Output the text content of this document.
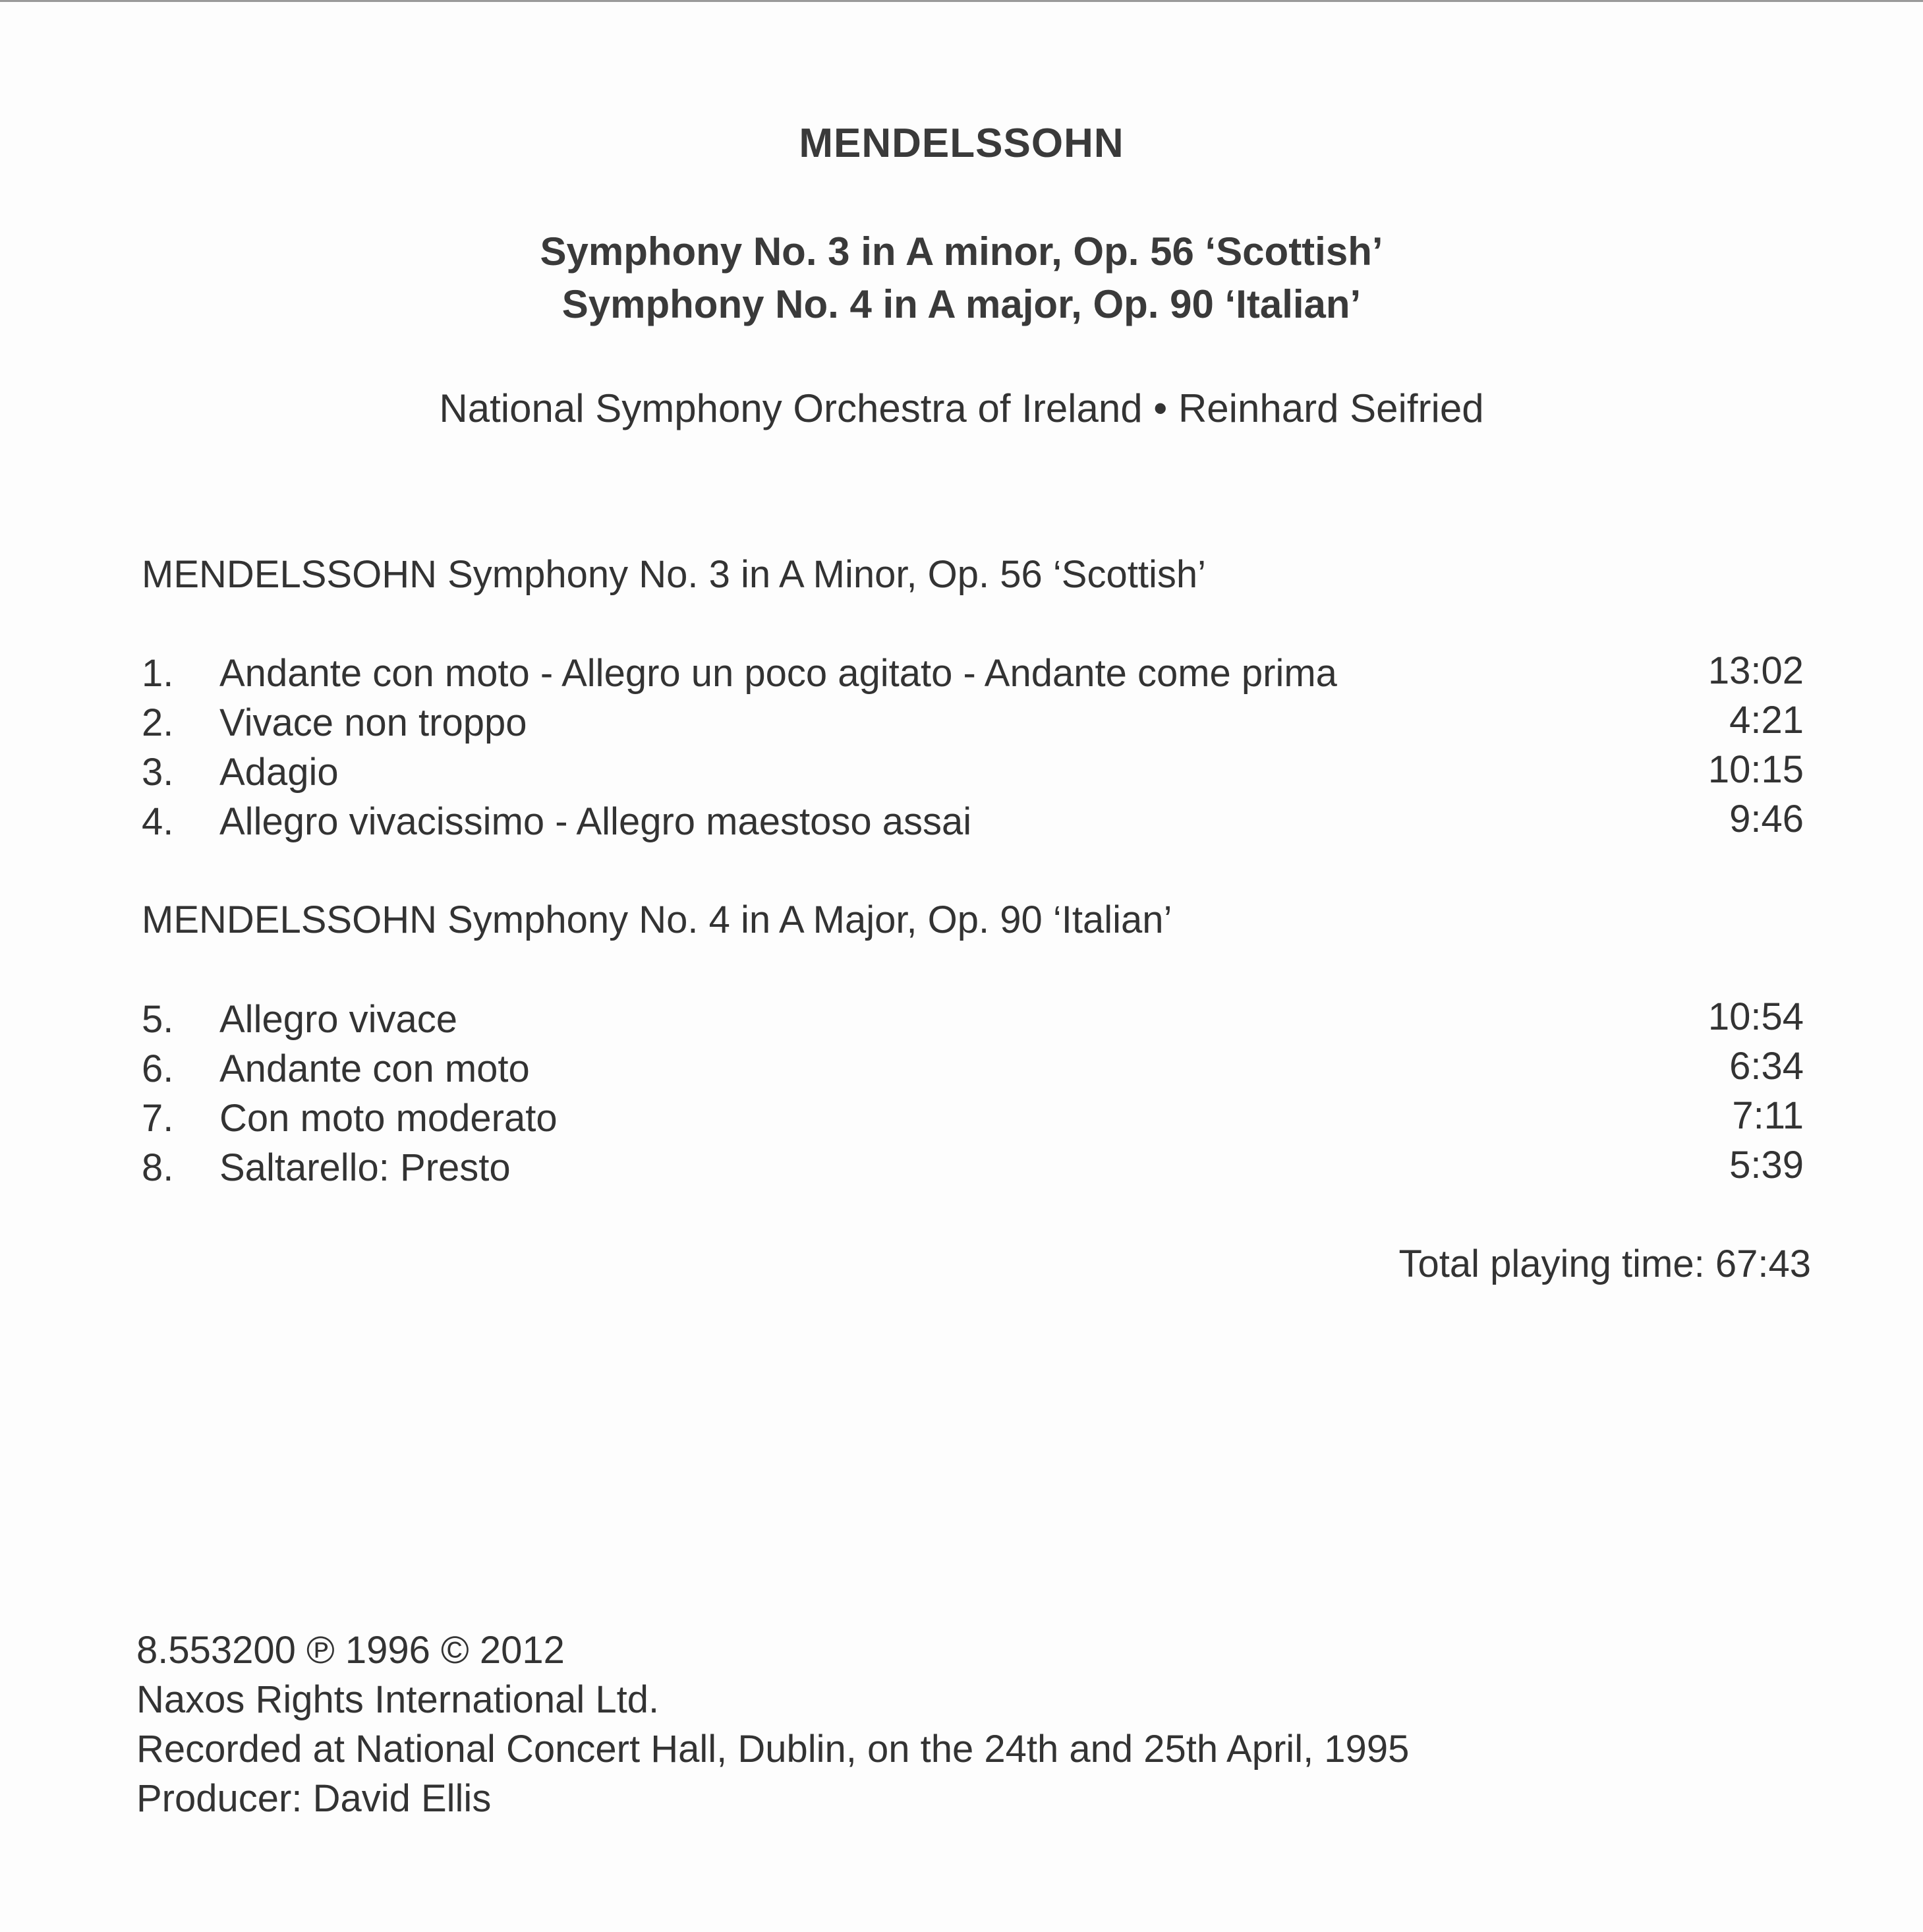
MENDELSSOHN
Symphony No. 3 in A minor, Op. 56 ‘Scottish’
Symphony No. 4 in A major, Op. 90 ‘Italian’
National Symphony Orchestra of Ireland • Reinhard Seifried
MENDELSSOHN Symphony No. 3 in A Minor, Op. 56 ‘Scottish’
1. Andante con moto - Allegro un poco agitato - Andante come prima	13:02
2. Vivace non troppo	4:21
3. Adagio	10:15
4. Allegro vivacissimo - Allegro maestoso assai	9:46
MENDELSSOHN Symphony No. 4 in A Major, Op. 90 ‘Italian’
5. Allegro vivace	10:54
6. Andante con moto	6:34
7. Con moto moderato	7:11
8. Saltarello: Presto	5:39
Total playing time: 67:43
8.553200 ℗ 1996 © 2012
Naxos Rights International Ltd.
Recorded at National Concert Hall, Dublin, on the 24th and 25th April, 1995
Producer: David Ellis
